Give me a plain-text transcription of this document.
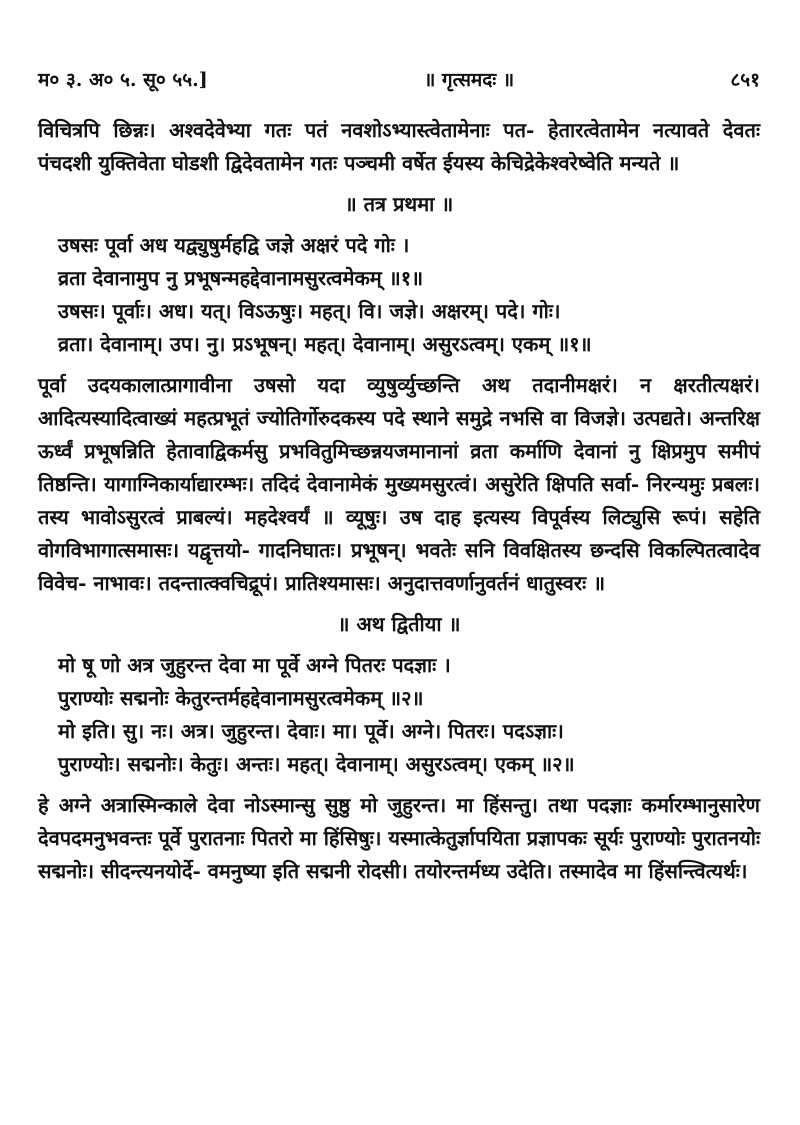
म० ३. अ० ५. सू० ५५.]	॥ गृत्समदः ॥	८५१

विचित्रपि छिन्नः। अश्वदेवेभ्या गतः पतं नवशोऽभ्यास्त्वेतामेनाः पत- हेतारत्वेतामेन नत्यावते देवतः पंचदशी युक्तिवेता घोडशी द्विदेवतामेन गतः पञ्चमी वर्षेत ईयस्य केचिद्रेकेश्वरेष्वेति मन्यते ॥

॥ तत्र प्रथमा ॥

उषसः पूर्वा अध यद्व्युषुर्महद्वि जज्ञे अक्षरं पदे गोः ।

व्रता देवानामुप नु प्रभूषन्महद्देवानामसुरत्वमेकम् ॥१॥

उषसः। पूर्वाः। अध। यत्। विऽऊषुः। महत्। वि। जज्ञे। अक्षरम्। पदे। गोः।

व्रता। देवानाम्। उप। नु। प्रऽभूषन्। महत्। देवानाम्। असुरऽत्वम्। एकम् ॥१॥

पूर्वा उदयकालात्प्रागावीना उषसो यदा व्युषुर्व्युच्छन्ति अथ तदानीमक्षरं। न क्षरतीत्यक्षरं। आदित्यस्यादित्वाख्यं महत्प्रभूतं ज्योतिर्गोरुदकस्य पदे स्थाने समुद्रे नभसि वा विजज्ञे। उत्पद्यते। अन्तरिक्ष ऊर्ध्वं प्रभूषन्निति हेतावाद्विकर्मसु प्रभवितुमिच्छन्नयजमानानां व्रता कर्माणि देवानां नु क्षिप्रमुप समीपं तिष्ठन्ति। यागाग्निकार्याद्यारम्भः। तदिदं देवानामेकं मुख्यमसुरत्वं। असुरेति क्षिपति सर्वा- निरन्यमुः प्रबलः। तस्य भावोऽसुरत्वं प्राबल्यं। महदेश्वर्यं ॥ व्यूषुः। उष दाह इत्यस्य विपूर्वस्य लिट्युसि रूपं। सहेति वोगविभागात्समासः। यद्वृत्तयो- गादनिघातः। प्रभूषन्। भवतेः सनि विवक्षितस्य छन्दसि विकल्पितत्वादेव विवेच- नाभावः। तदन्तात्क्वचिद्रूपं। प्रातिश्यमासः। अनुदात्तवर्णानुवर्तनं धातुस्वरः ॥

॥ अथ द्वितीया ॥

मो षू णो अत्र जुहुरन्त देवा मा पूर्वे अग्ने पितरः पदज्ञाः ।

पुराण्योः सद्मनोः केतुरन्तर्महद्देवानामसुरत्वमेकम् ॥२॥

मो इति। सु। नः। अत्र। जुहुरन्त। देवाः। मा। पूर्वे। अग्ने। पितरः। पदऽज्ञाः।

पुराण्योः। सद्मनोः। केतुः। अन्तः। महत्। देवानाम्। असुरऽत्वम्। एकम् ॥२॥

हे अग्ने अत्रास्मिन्काले देवा नोऽस्मान्सु सुष्ठु मो जुहुरन्त। मा हिंसन्तु। तथा पदज्ञाः कर्मारम्भानुसारेण देवपदमनुभवन्तः पूर्वे पुरातनाः पितरो मा हिंसिषुः। यस्मात्केतुर्ज्ञापयिता प्रज्ञापकः सूर्यः पुराण्योः पुरातनयोः सद्मनोः। सीदन्त्यनयोर्दे- वमनुष्या इति सद्मनी रोदसी। तयोरन्तर्मध्य उदेति। तस्मादेव मा हिंसन्त्वित्यर्थः।
